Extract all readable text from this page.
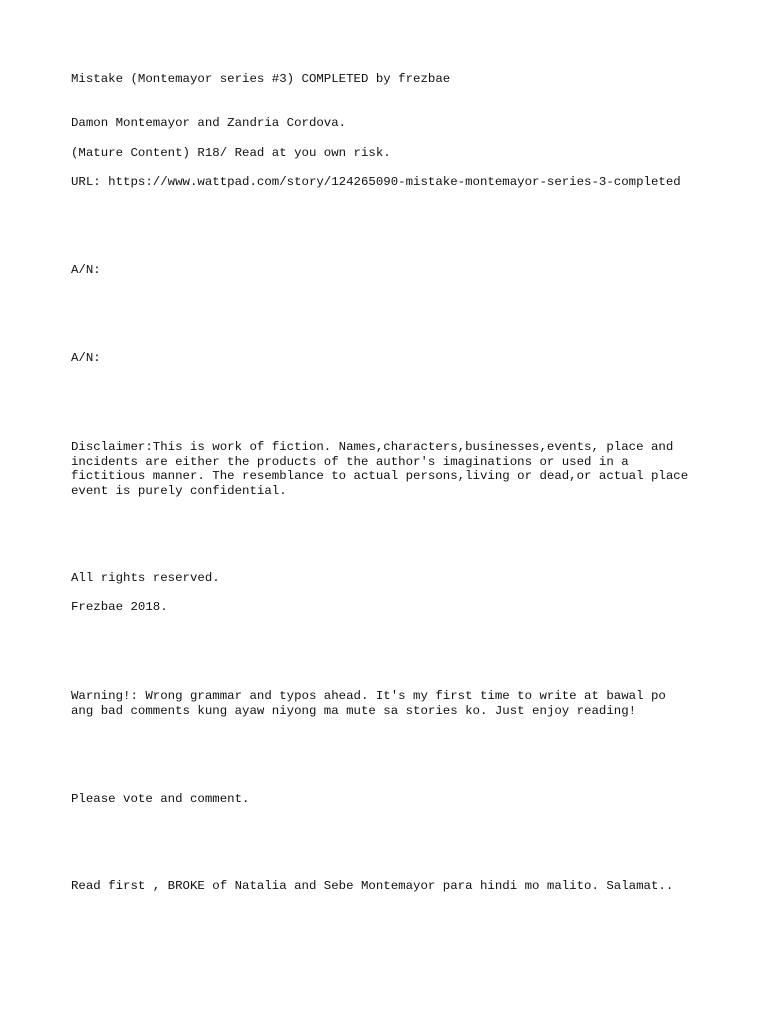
Mistake (Montemayor series #3) COMPLETED by frezbae

Damon Montemayor and Zandria Cordova.

(Mature Content) R18/ Read at you own risk.

URL: https://www.wattpad.com/story/124265090-mistake-montemayor-series-3-completed

A/N:

A/N:

Disclaimer:This is work of fiction. Names,characters,businesses,events, place and
incidents are either the products of the author's imaginations or used in a
fictitious manner. The resemblance to actual persons,living or dead,or actual place
event is purely confidential.

All rights reserved.

Frezbae 2018.

Warning!: Wrong grammar and typos ahead. It's my first time to write at bawal po
ang bad comments kung ayaw niyong ma mute sa stories ko. Just enjoy reading!

Please vote and comment.

Read first , BROKE of Natalia and Sebe Montemayor para hindi mo malito. Salamat..
